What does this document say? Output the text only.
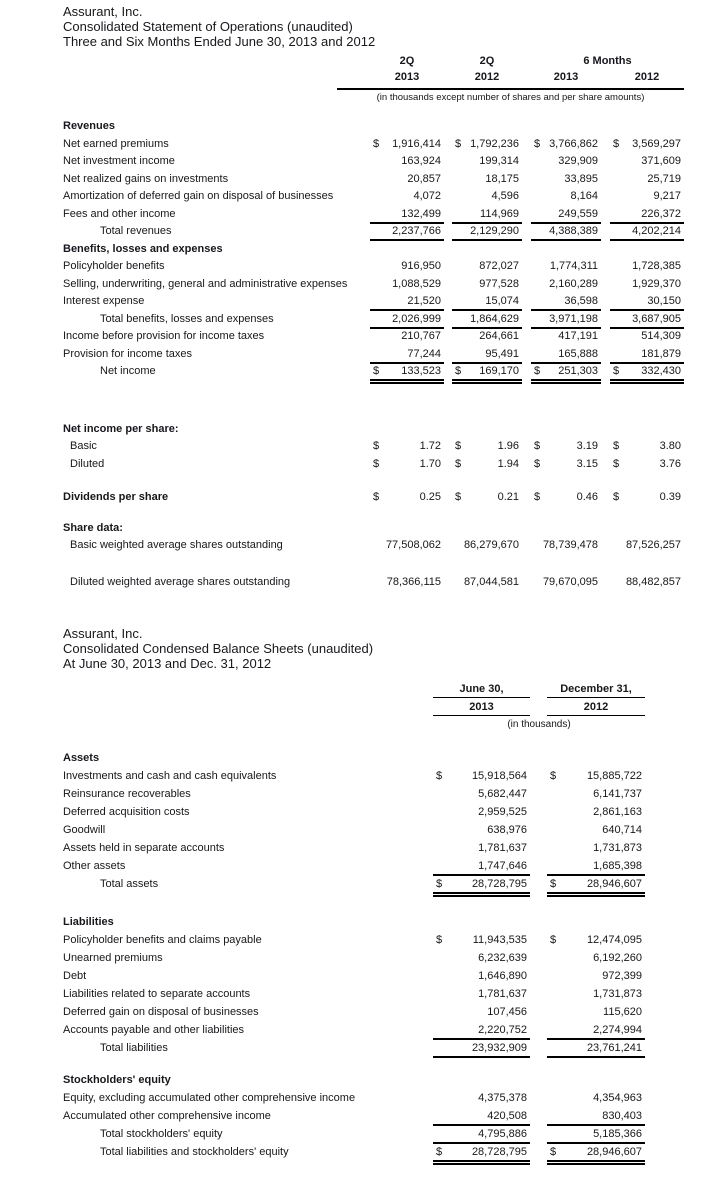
Assurant, Inc.
Consolidated Statement of Operations (unaudited)
Three and Six Months Ended June 30, 2013 and 2012
2Q	2Q	6 Months
2013	2012	2013	2012
(in thousands except number of shares and per share amounts)
Revenues
Net earned premiums	$ 1,916,414 $ 1,792,236 $ 3,766,862 $ 3,569,297
Net investment income	163,924	199,314	329,909	371,609
Net realized gains on investments	20,857	18,175	33,895	25,719
Amortization of deferred gain on disposal of businesses	4,072	4,596	8,164	9,217
Fees and other income	132,499	114,969	249,559	226,372
Total revenues	2,237,766	2,129,290	4,388,389	4,202,214
Benefits, losses and expenses
Policyholder benefits	916,950	872,027	1,774,311	1,728,385
Selling, underwriting, general and administrative expenses	1,088,529	977,528	2,160,289	1,929,370
Interest expense	21,520	15,074	36,598	30,150
Total benefits, losses and expenses	2,026,999	1,864,629	3,971,198	3,687,905
Income before provision for income taxes	210,767	264,661	417,191	514,309
Provision for income taxes	77,244	95,491	165,888	181,879
Net income	$ 133,523 $ 169,170 $ 251,303 $ 332,430
Net income per share:
Basic	$	1.72 $	1.96 $	3.19 $	3.80
Diluted	$	1.70 $	1.94 $	3.15 $	3.76
Dividends per share	$	0.25 $	0.21 $	0.46 $	0.39
Share data:
Basic weighted average shares outstanding	77,508,062 86,279,670 78,739,478	87,526,257
Diluted weighted average shares outstanding	78,366,115 87,044,581 79,670,095	88,482,857
Assurant, Inc.
Consolidated Condensed Balance Sheets (unaudited)
At June 30, 2013 and Dec. 31, 2012
June 30,	December 31,
2013	2012
(in thousands)
Assets
Investments and cash and cash equivalents	$	15,918,564 $	15,885,722
Reinsurance recoverables	5,682,447	6,141,737
Deferred acquisition costs	2,959,525	2,861,163
Goodwill	638,976	640,714
Assets held in separate accounts	1,781,637	1,731,873
Other assets	1,747,646	1,685,398
Total assets	$	28,728,795 $	28,946,607
Liabilities
Policyholder benefits and claims payable	$	11,943,535 $	12,474,095
Unearned premiums	6,232,639	6,192,260
Debt	1,646,890	972,399
Liabilities related to separate accounts	1,781,637	1,731,873
Deferred gain on disposal of businesses	107,456	115,620
Accounts payable and other liabilities	2,220,752	2,274,994
Total liabilities	23,932,909	23,761,241
Stockholders' equity
Equity, excluding accumulated other comprehensive income	4,375,378	4,354,963
Accumulated other comprehensive income	420,508	830,403
Total stockholders' equity	4,795,886	5,185,366
Total liabilities and stockholders' equity	$	28,728,795 $	28,946,607
